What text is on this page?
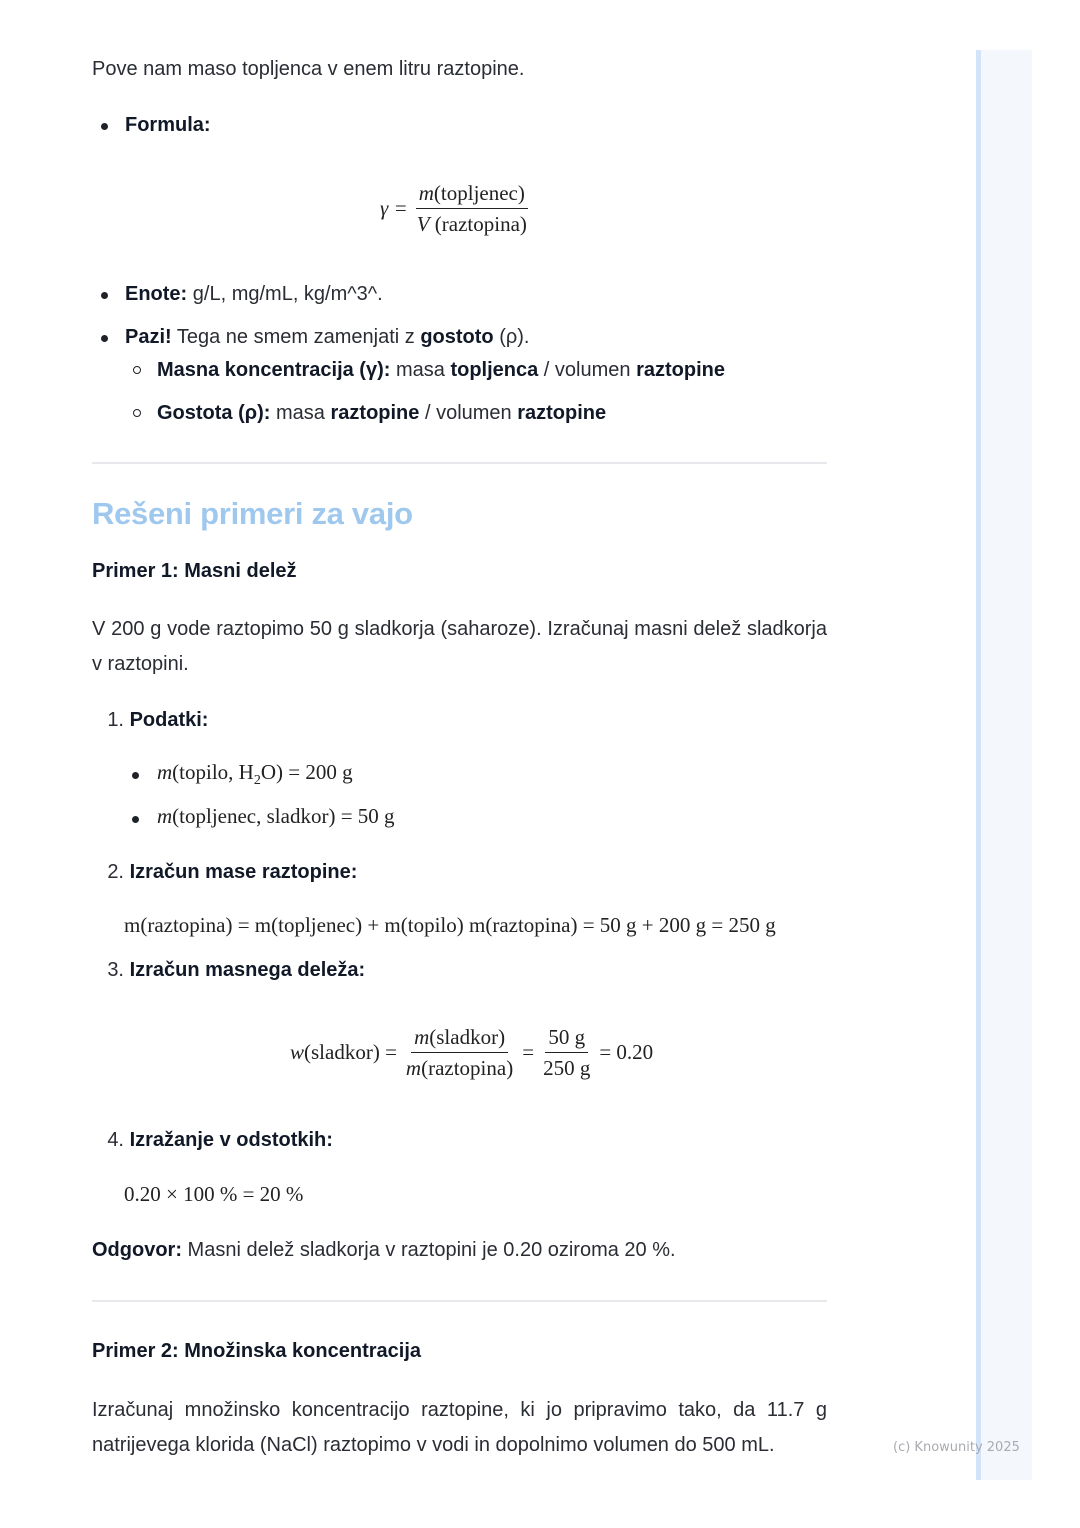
Pove nam maso topljenca v enem litru raztopine.

Formula:
$\gamma = \frac{\text{m(topljenec)}}{\text{V (raztopina)}}$
Enote: g/L, mg/mL, kg/m^3^.
Pazi! Tega ne smem zamenjati z gostoto (ρ).
Masna koncentracija (γ): masa topljenca / volumen raztopine
Gostota (ρ): masa raztopine / volumen raztopine
Rešeni primeri za vajo
Primer 1: Masni delež

V 200 g vode raztopimo 50 g sladkorja (saharoze). Izračunaj masni delež sladkorja v raztopini.

1. Podatki:
m(topilo, $H_2O) = 200$ g
m(topljenec, sladkor) = 50 g
2. Izračun mase raztopine:
m(raztopina) = m(topljenec) + m(topilo) m(raztopina) = 50 g + 200 g = 250 g
3. Izračun masnega deleža:
w (sladkor) = $\frac{\text{m(sladkor)}}{\text{m(raztopina)}} = \frac{50 g}{250 g} = 0.20$
4. Izražanje v odstotkih:
0.20 × 100 % = 20 %

Odgovor: Masni delež sladkorja v raztopini je 0.20 oziroma 20 %.

Primer 2: Množinska koncentracija

Izračunaj množinsko koncentracijo raztopine, ki jo pripravimo tako, da 11.7 g natrijevega klorida (NaCl) raztopimo v vodi in dopolnimo volumen do 500 mL.	(c) Knowunity 2025
